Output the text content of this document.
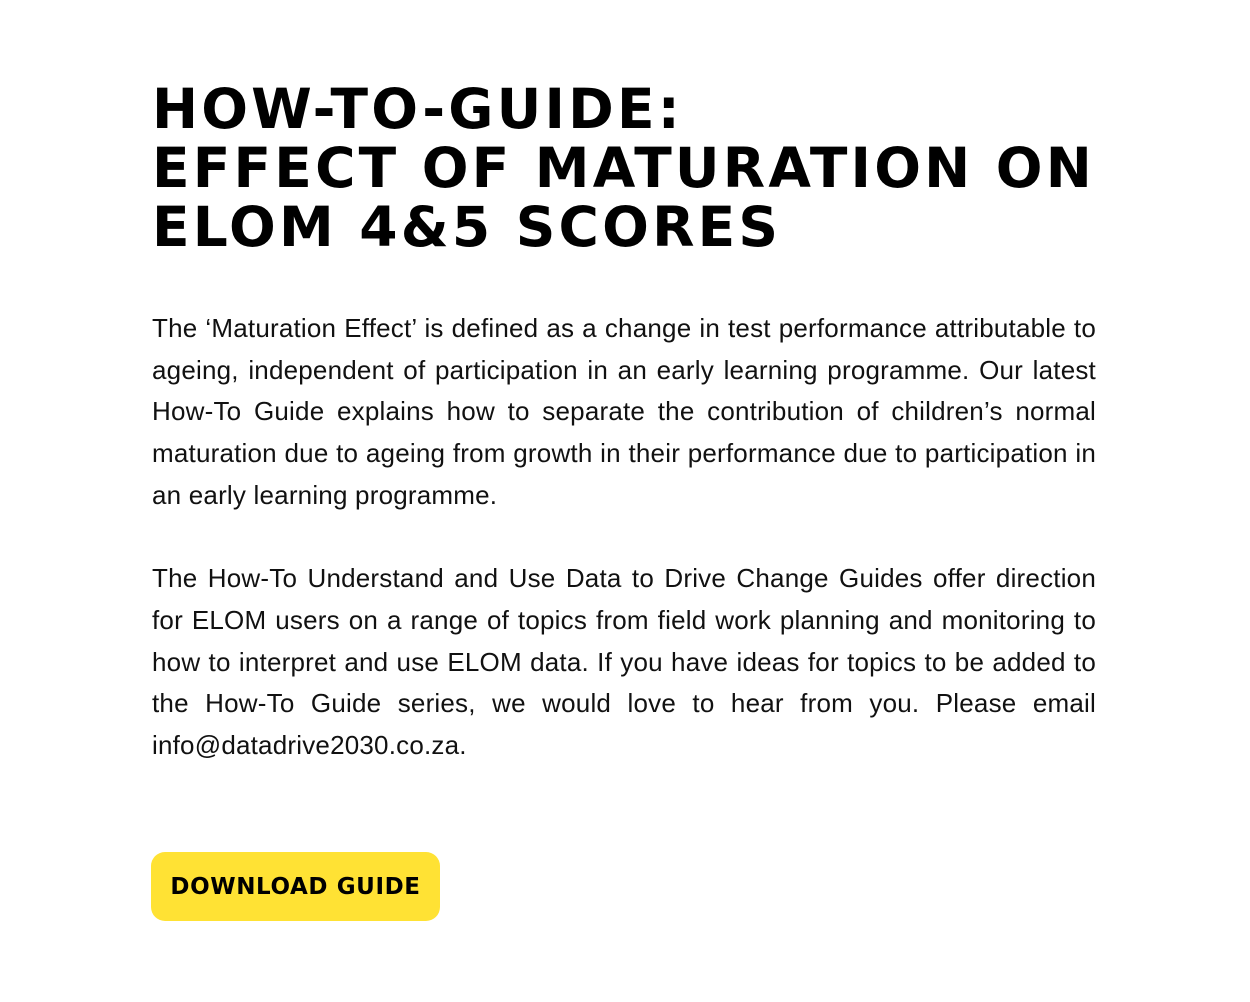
HOW-TO-GUIDE:
EFFECT OF MATURATION ON
ELOM 4&5 SCORES

The ‘Maturation Effect’ is defined as a change in test performance attributable to ageing, independent of participation in an early learning programme. Our latest How-To Guide explains how to separate the contribution of children’s normal maturation due to ageing from growth in their performance due to participation in an early learning programme.

The How-To Understand and Use Data to Drive Change Guides offer direction for ELOM users on a range of topics from field work planning and monitoring to how to interpret and use ELOM data. If you have ideas for topics to be added to the How-To Guide series, we would love to hear from you. Please email info@datadrive2030.co.za.

DOWNLOAD GUIDE
